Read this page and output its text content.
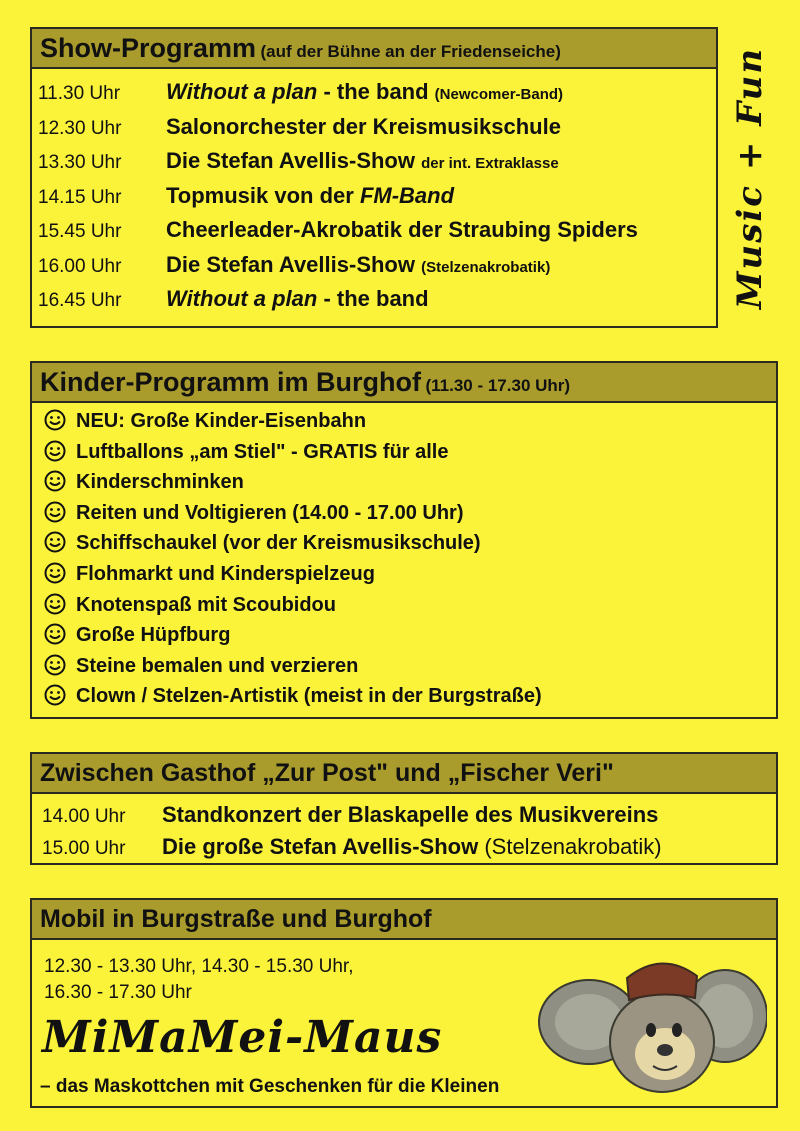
Show-Programm (auf der Bühne an der Friedenseiche)
11.30 Uhr Without a plan - the band (Newcomer-Band)
12.30 Uhr Salonorchester der Kreismusikschule
13.30 Uhr Die Stefan Avellis-Show der int. Extraklasse
14.15 Uhr Topmusik von der FM-Band
15.45 Uhr Cheerleader-Akrobatik der Straubing Spiders
16.00 Uhr Die Stefan Avellis-Show (Stelzenakrobatik)
16.45 Uhr Without a plan - the band	Music + Fun
Kinder-Programm im Burghof (11.30 - 17.30 Uhr)
NEU: Große Kinder-Eisenbahn
Luftballons „am Stiel" - GRATIS für alle
Kinderschminken
Reiten und Voltigieren (14.00 - 17.00 Uhr)
Schiffschaukel (vor der Kreismusikschule)
Flohmarkt und Kinderspielzeug
Knotenspaß mit Scoubidou
Große Hüpfburg
Steine bemalen und verzieren
Clown / Stelzen-Artistik (meist in der Burgstraße)
Zwischen Gasthof „Zur Post" und „Fischer Veri"
14.00 Uhr Standkonzert der Blaskapelle des Musikvereins
15.00 Uhr Die große Stefan Avellis-Show (Stelzenakrobatik)
Mobil in Burgstraße und Burghof
12.30 - 13.30 Uhr, 14.30 - 15.30 Uhr,
16.30 - 17.30 Uhr
MiMaMei-Maus
– das Maskottchen mit Geschenken für die Kleinen
